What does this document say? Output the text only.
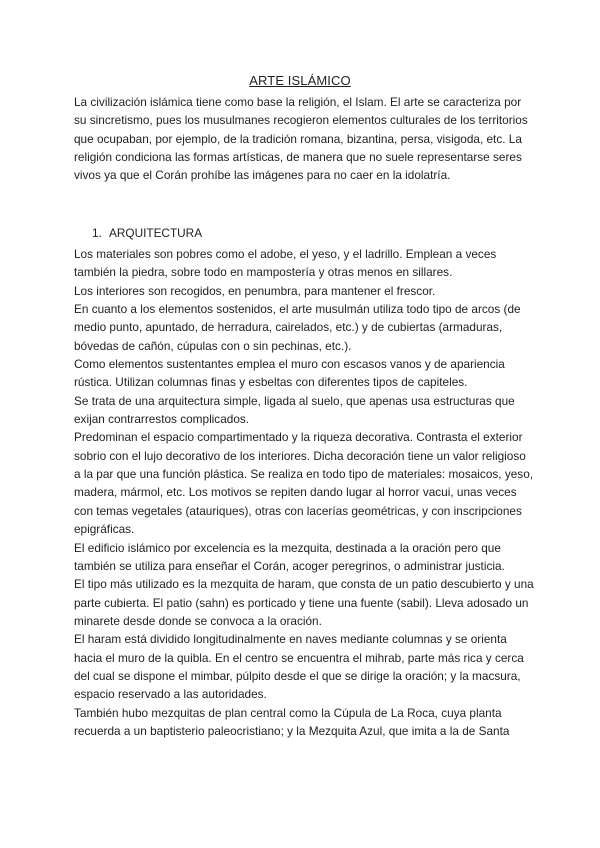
ARTE ISLÁMICO

La civilización islámica tiene como base la religión, el Islam. El arte se caracteriza por su sincretismo, pues los musulmanes recogieron elementos culturales de los territorios que ocupaban, por ejemplo, de la tradición romana, bizantina, persa, visigoda, etc. La religión condiciona las formas artísticas, de manera que no suele representarse seres vivos ya que el Corán prohíbe las imágenes para no caer en la idolatría.

1. ARQUITECTURA

Los materiales son pobres como el adobe, el yeso, y el ladrillo. Emplean a veces también la piedra, sobre todo en mampostería y otras menos en sillares.

Los interiores son recogidos, en penumbra, para mantener el frescor.

En cuanto a los elementos sostenidos, el arte musulmán utiliza todo tipo de arcos (de medio punto, apuntado, de herradura, cairelados, etc.) y de cubiertas (armaduras, bóvedas de cañón, cúpulas con o sin pechinas, etc.).

Como elementos sustentantes emplea el muro con escasos vanos y de apariencia rústica. Utilizan columnas finas y esbeltas con diferentes tipos de capiteles.

Se trata de una arquitectura simple, ligada al suelo, que apenas usa estructuras que exijan contrarrestos complicados.

Predominan el espacio compartimentado y la riqueza decorativa. Contrasta el exterior sobrio con el lujo decorativo de los interiores. Dicha decoración tiene un valor religioso a la par que una función plástica. Se realiza en todo tipo de materiales: mosaicos, yeso, madera, mármol, etc. Los motivos se repiten dando lugar al horror vacui, unas veces con temas vegetales (atauriques), otras con lacerías geométricas, y con inscripciones epigráficas.

El edificio islámico por excelencia es la mezquita, destinada a la oración pero que también se utiliza para enseñar el Corán, acoger peregrinos, o administrar justicia.

El tipo más utilizado es la mezquita de haram, que consta de un patio descubierto y una parte cubierta. El patio (sahn) es porticado y tiene una fuente (sabil). Lleva adosado un minarete desde donde se convoca a la oración.

El haram está dividido longitudinalmente en naves mediante columnas y se orienta hacia el muro de la quibla. En el centro se encuentra el mihrab, parte más rica y cerca del cual se dispone el mimbar, púlpito desde el que se dirige la oración; y la macsura, espacio reservado a las autoridades.

También hubo mezquitas de plan central como la Cúpula de La Roca, cuya planta recuerda a un baptisterio paleocristiano; y la Mezquita Azul, que imita a la de Santa
